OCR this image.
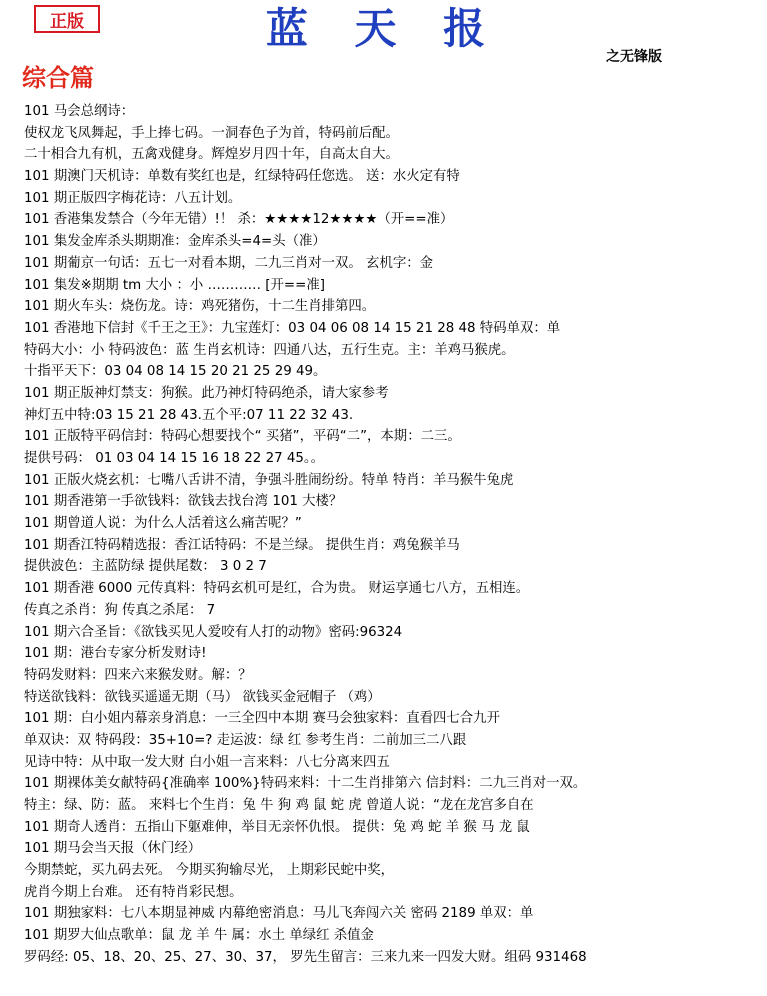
正版	蓝 天 报
之无锋版
综合篇
101 马会总纲诗：
使权龙飞凤舞起，手上捧七码。一洞春色子为首，特码前后配。
二十相合九有机，五禽戏健身。辉煌岁月四十年，自高太自大。
101 期澳门天机诗：单数有奖红也是，红绿特码任您选。 送：水火定有特
101 期正版四字梅花诗：八五计划。
101 香港集发禁合（今年无错）!！ 杀：★★★★12★★★★（开==准）
101 集发金库杀头期期准：金库杀头=4=头（准）
101 期葡京一句话：五七一对看本期，二九三肖对一双。 玄机字：金
101 集发※期期 tm 大小 ：小 ………… [开==准]
101 期火车头：烧伤龙。诗：鸡死猪伤，十二生肖排第四。
101 香港地下信封《千王之王》：九宝莲灯：03 04 06 08 14 15 21 28 48 特码单双：单
特码大小：小 特码波色：蓝 生肖玄机诗：四通八达，五行生克。主：羊鸡马猴虎。
十指平天下：03 04 08 14 15 20 21 25 29 49。
101 期正版神灯禁支：狗猴。此乃神灯特码绝杀，请大家参考
神灯五中特:03 15 21 28 43.五个平:07 11 22 32 43.
101 正版特平码信封：特码心想要找个“ 买猪”，平码“二”，本期：二三。
提供号码： 01 03 04 14 15 16 18 22 27 45。。
101 正版火烧玄机：七嘴八舌讲不清，争强斗胜闹纷纷。特单 特肖：羊马猴牛兔虎
101 期香港第一手欲钱料：欲钱去找台湾 101 大楼？
101 期曾道人说：为什么人活着这么痛苦呢？”
101 期香江特码精选报：香江话特码：不是兰绿。 提供生肖：鸡兔猴羊马
提供波色：主蓝防绿 提供尾数： 3 0 2 7
101 期香港 6000 元传真料：特码玄机可是红，合为贵。 财运享通七八方，五相连。
传真之杀肖：狗 传真之杀尾： 7
101 期六合圣旨：《欲钱买见人爱咬有人打的动物》密码:96324
101 期：港台专家分析发财诗!
特码发财料：四来六来猴发财。解：？
特送欲钱料：欲钱买遥遥无期（马） 欲钱买金冠帽子 （鸡）
101 期：白小姐内幕亲身消息：一三全四中本期 赛马会独家料：直看四七合九开
单双诀：双 特码段：35+10=? 走运波：绿 红 参考生肖：二前加三二八跟
见诗中特：从中取一发大财 白小姐一言来料：八七分离来四五
101 期裸体美女献特码{准确率 100%}特码来料：十二生肖排第六 信封料：二九三肖对一双。
特主：绿、防：蓝。 来料七个生肖：兔 牛 狗 鸡 鼠 蛇 虎 曾道人说：“龙在龙宫多自在
101 期奇人透肖：五指山下躯难伸，举目无亲怀仇恨。 提供：兔 鸡 蛇 羊 猴 马 龙 鼠
101 期马会当天报（休门经）
今期禁蛇，买九码去死。 今期买狗输尽光， 上期彩民蛇中奖，
虎肖今期上台难。 还有特肖彩民想。
101 期独家料：七八本期显神威 内幕绝密消息：马儿飞奔闯六关 密码 2189 单双：单
101 期罗大仙点歌单：鼠 龙 羊 牛 属：水土 单绿红 杀值金
罗码经: 05、18、20、25、27、30、37， 罗先生留言：三来九来一四发大财。组码 931468
